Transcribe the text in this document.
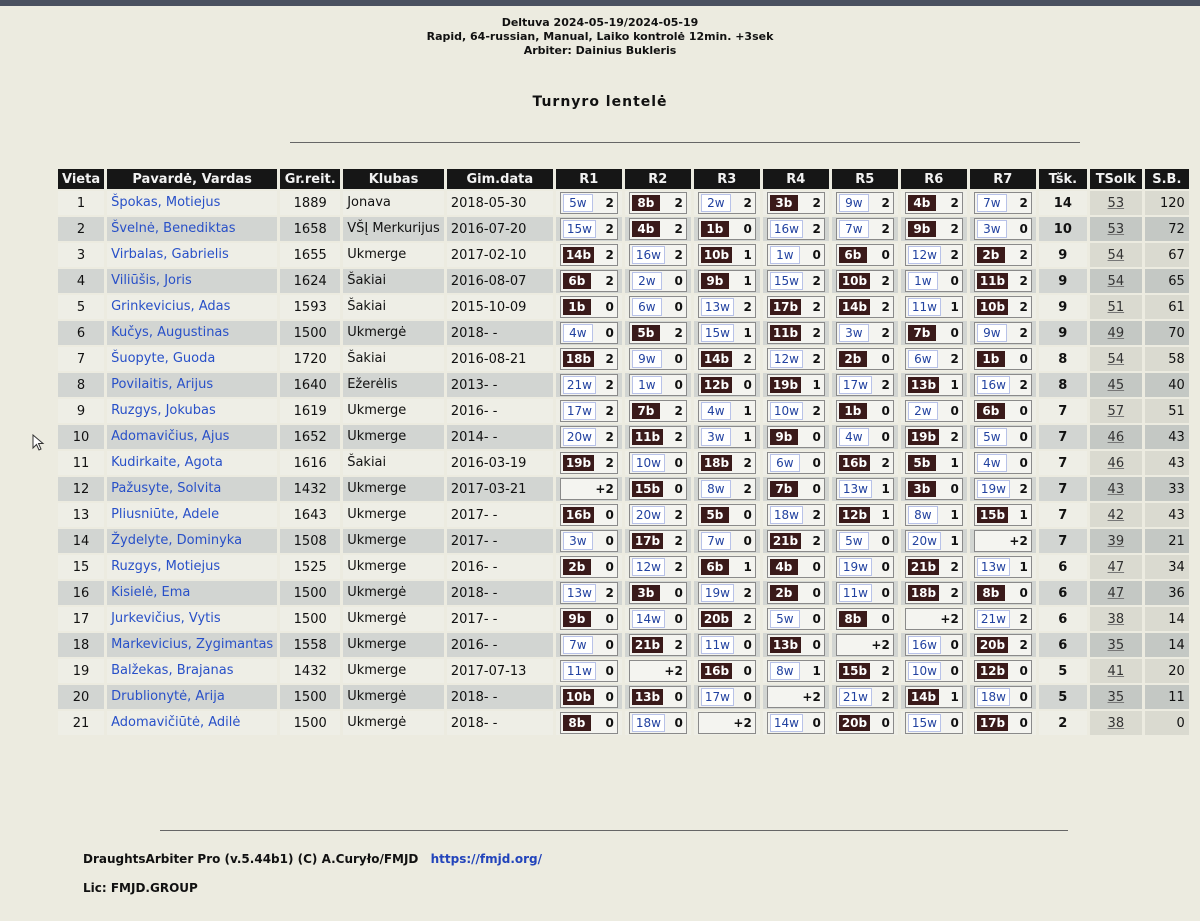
Deltuva 2024-05-19/2024-05-19
Rapid, 64-russian, Manual, Laiko kontrolė 12min. +3sek
Arbiter: Dainius Bukleris
Turnyro lentelė
Vieta	Pavardė, Vardas	Gr.reit.	Klubas	Gim.data	R1	R2	R3	R4	R5	R6	R7	Tšk.	TSolk	S.B.
1	Špokas, Motiejus	1889	Jonava	2018-05-30	5w 2	8b 2	2w 2	3b 2	9w 2	4b 2	7w 2	14	53	120
2	Švelnė, Benediktas	1658	VŠĮ Merkurijus	2016-07-20	15w 2	4b 2	1b 0	16w 2	7w 2	9b 2	3w 0	10	53	72
3	Virbalas, Gabrielis	1655	Ukmerge	2017-02-10	14b 2	16w 2	10b 1	1w 0	6b 0	12w 2	2b 2	9	54	67
4	Viliūšis, Joris	1624	Šakiai	2016-08-07	6b 2	2w 0	9b 1	15w 2	10b 2	1w 0	11b 2	9	54	65
5	Grinkevicius, Adas	1593	Šakiai	2015-10-09	1b 0	6w 0	13w 2	17b 2	14b 2	11w 1	10b 2	9	51	61
6	Kučys, Augustinas	1500	Ukmergė	2018- -	4w 0	5b 2	15w 1	11b 2	3w 2	7b 0	9w 2	9	49	70
7	Šuopyte, Guoda	1720	Šakiai	2016-08-21	18b 2	9w 0	14b 2	12w 2	2b 0	6w 2	1b 0	8	54	58
8	Povilaitis, Arijus	1640	Ežerėlis	2013- -	21w 2	1w 0	12b 0	19b 1	17w 2	13b 1	16w 2	8	45	40
9	Ruzgys, Jokubas	1619	Ukmerge	2016- -	17w 2	7b 2	4w 1	10w 2	1b 0	2w 0	6b 0	7	57	51
10	Adomavičius, Ajus	1652	Ukmerge	2014- -	20w 2	11b 2	3w 1	9b 0	4w 0	19b 2	5w 0	7	46	43
11	Kudirkaite, Agota	1616	Šakiai	2016-03-19	19b 2	10w 0	18b 2	6w 0	16b 2	5b 1	4w 0	7	46	43
12	Pažusyte, Solvita	1432	Ukmerge	2017-03-21	+2	15b 0	8w 2	7b 0	13w 1	3b 0	19w 2	7	43	33
13	Pliusniūte, Adele	1643	Ukmerge	2017- -	16b 0	20w 2	5b 0	18w 2	12b 1	8w 1	15b 1	7	42	43
14	Žydelyte, Dominyka	1508	Ukmerge	2017- -	3w 0	17b 2	7w 0	21b 2	5w 0	20w 1	+2	7	39	21
15	Ruzgys, Motiejus	1525	Ukmerge	2016- -	2b 0	12w 2	6b 1	4b 0	19w 0	21b 2	13w 1	6	47	34
16	Kisielė, Ema	1500	Ukmergė	2018- -	13w 2	3b 0	19w 2	2b 0	11w 0	18b 2	8b 0	6	47	36
17	Jurkevičius, Vytis	1500	Ukmergė	2017- -	9b 0	14w 0	20b 2	5w 0	8b 0	+2	21w 2	6	38	14
18	Markevicius, Zygimantas	1558	Ukmerge	2016- -	7w 0	21b 2	11w 0	13b 0	+2	16w 0	20b 2	6	35	14
19	Balžekas, Brajanas	1432	Ukmerge	2017-07-13	11w 0	+2	16b 0	8w 1	15b 2	10w 0	12b 0	5	41	20
20	Drublionytė, Arija	1500	Ukmergė	2018- -	10b 0	13b 0	17w 0	+2	21w 2	14b 1	18w 0	5	35	11
21	Adomavičiūtė, Adilė	1500	Ukmergė	2018- -	8b 0	18w 0	+2	14w 0	20b 0	15w 0	17b 0	2	38	0
DraughtsArbiter Pro (v.5.44b1) (C) A.Curyło/FMJD https://fmjd.org/
Lic: FMJD.GROUP
